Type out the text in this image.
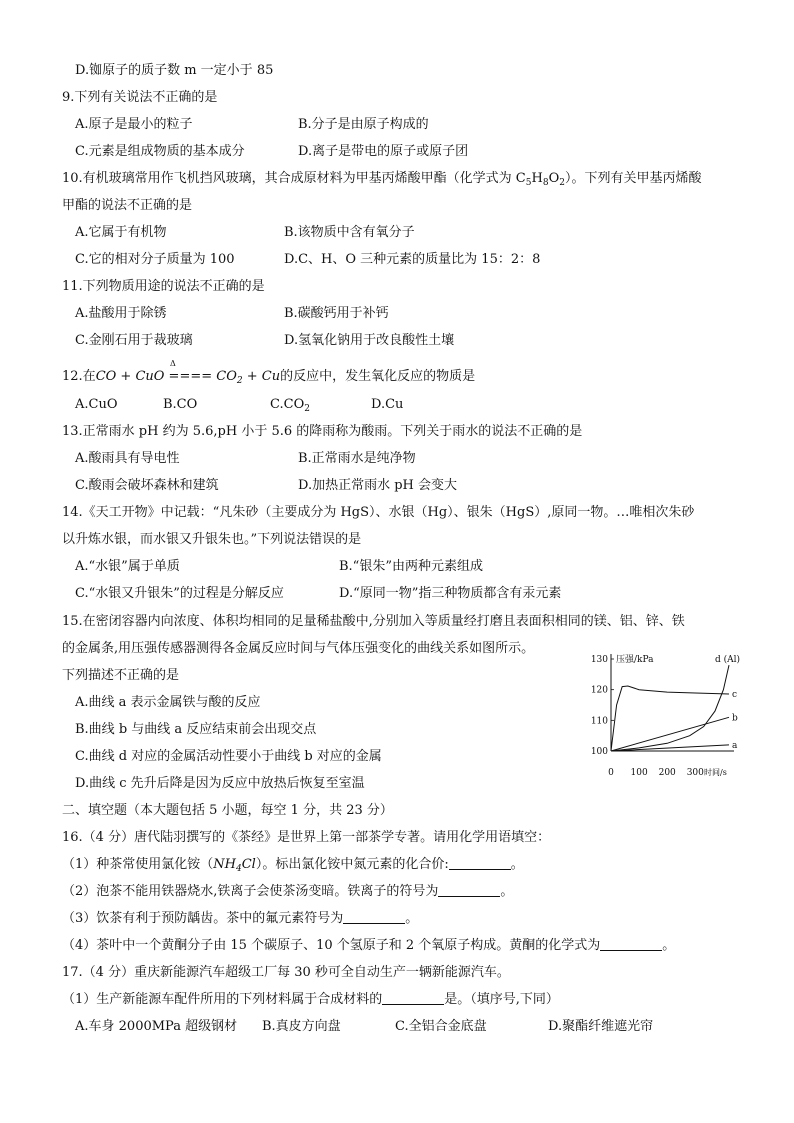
D.铷原子的质子数 m 一定小于 85
9.下列有关说法不正确的是
A.原子是最小的粒子	B.分子是由原子构成的
C.元素是组成物质的基本成分	D.离子是带电的原子或原子团
10.有机玻璃常用作飞机挡风玻璃，其合成原材料为甲基丙烯酸甲酯（化学式为 $C_5H_8O_2$）。下列有关甲基丙烯酸
甲酯的说法不正确的是
A.它属于有机物	B.该物质中含有氧分子
C.它的相对分子质量为 100	D.C、H、O 三种元素的质量比为 15：2：8
11.下列物质用途的说法不正确的是
A.盐酸用于除锈	B.碳酸钙用于补钙
C.金刚石用于裁玻璃	D.氢氧化钠用于改良酸性土壤
Δ
12.在CO + CuO ==== $CO_2 + Cu$的反应中，发生氧化反应的物质是
A.CuO	B.CO	$C.CO_2$	D.Cu
13.正常雨水 pH 约为 5.6,pH 小于 5.6 的降雨称为酸雨。下列关于雨水的说法不正确的是
A.酸雨具有导电性	B.正常雨水是纯净物
C.酸雨会破坏森林和建筑	D.加热正常雨水 pH 会变大
14.《天工开物》中记载：“凡朱砂（主要成分为 HgS）、水银（Hg）、银朱（HgS）,原同一物。…唯相次朱砂
以升炼水银，而水银又升银朱也。”下列说法错误的是
A.“水银”属于单质	B.“银朱”由两种元素组成
C.“水银又升银朱”的过程是分解反应	D.“原同一物”指三种物质都含有汞元素
15.在密闭容器内向浓度、体积均相同的足量稀盐酸中,分别加入等质量经打磨且表面积相同的镁、铝、锌、铁
的金属条,用压强传感器测得各金属反应时间与气体压强变化的曲线关系如图所示。
下列描述不正确的是
A.曲线 a 表示金属铁与酸的反应
B.曲线 b 与曲线 a 反应结束前会出现交点
C.曲线 d 对应的金属活动性要小于曲线 b 对应的金属
D.曲线 c 先升后降是因为反应中放热后恢复至室温
100
110
120
130
0 100 200 300
压强/kPa
时间/s
a
b
c
d (Al)
二、填空题（本大题包括 5 小题，每空 1 分，共 23 分）
16.（4 分）唐代陆羽撰写的《茶经》是世界上第一部茶学专著。请用化学用语填空：
（1）种茶常使用氯化铵$(NH_4Cl)$。标出氯化铵中氮元素的化合价:	。
（2）泡茶不能用铁器烧水,铁离子会使茶汤变暗。铁离子的符号为	。
（3）饮茶有利于预防龋齿。茶中的氟元素符号为	。
（4）茶叶中一个黄酮分子由 15 个碳原子、10 个氢原子和 2 个氧原子构成。黄酮的化学式为	。
17.（4 分）重庆新能源汽车超级工厂每 30 秒可全自动生产一辆新能源汽车。
（1）生产新能源车配件所用的下列材料属于合成材料的	是。（填序号,下同）
A.车身 2000MPa 超级钢材 B.真皮方向盘	C.全铝合金底盘	D.聚酯纤维遮光帘
